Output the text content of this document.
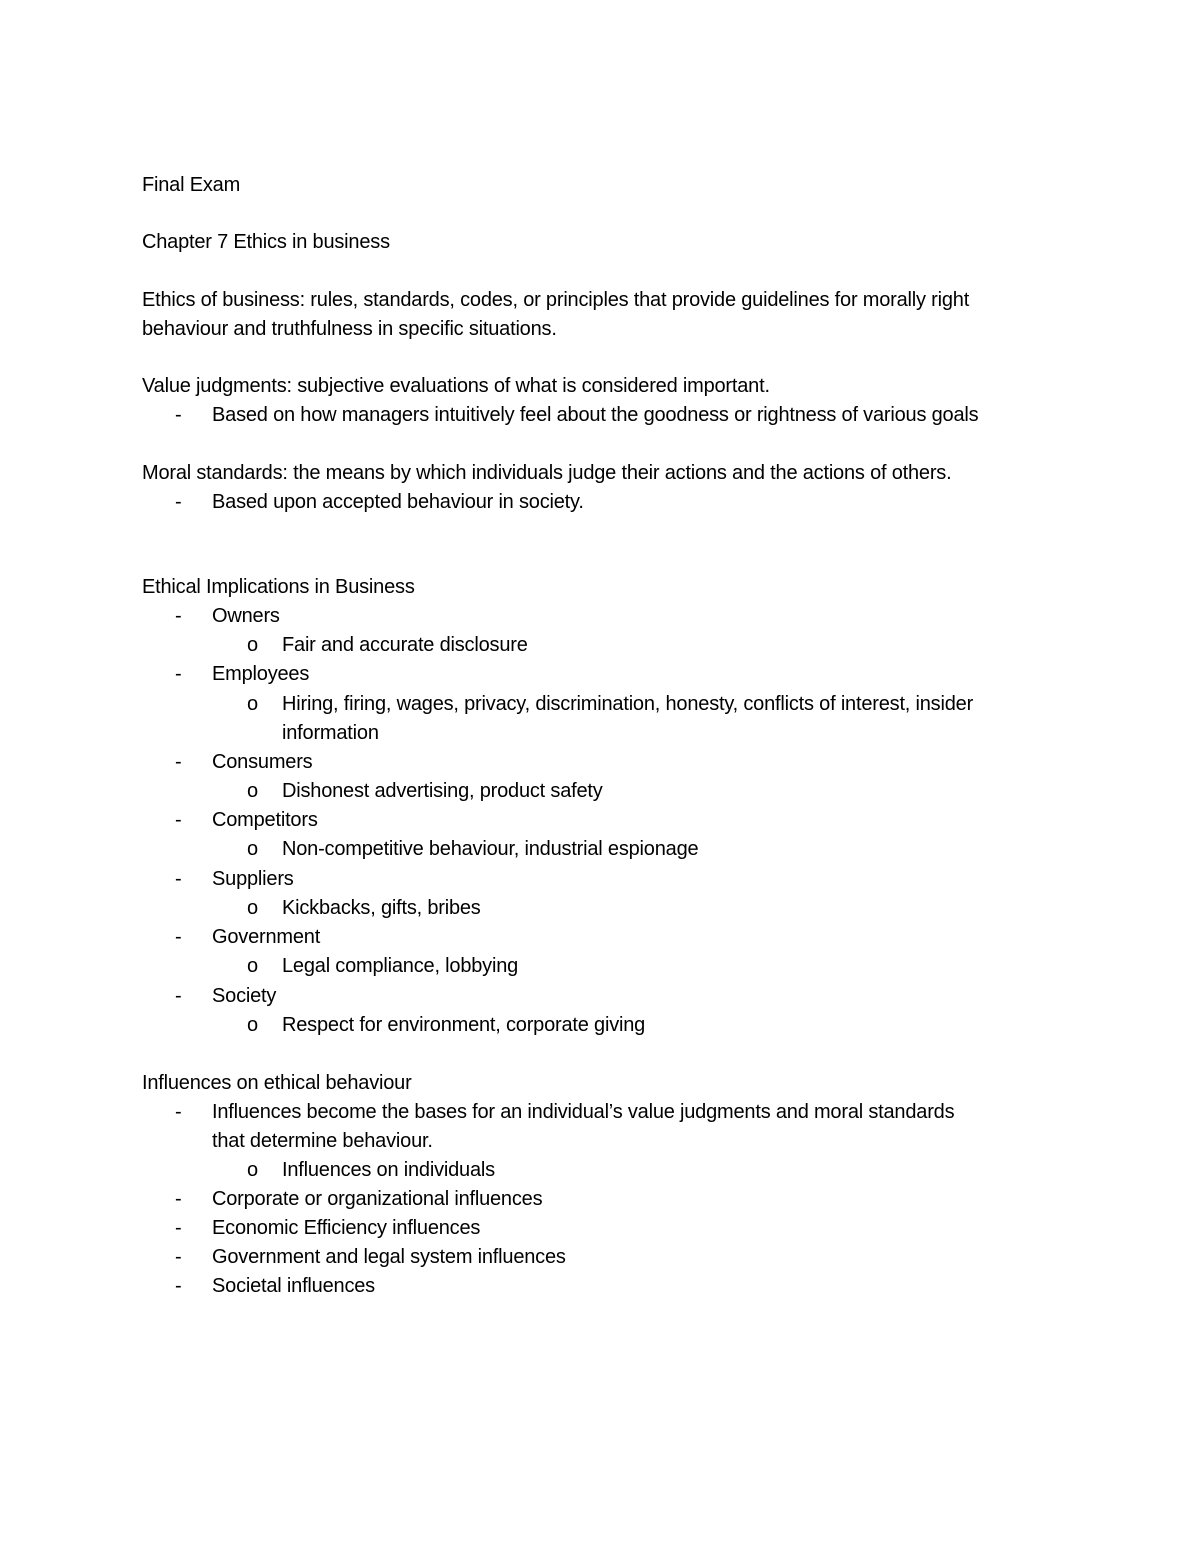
Final Exam
Chapter 7 Ethics in business
Ethics of business: rules, standards, codes, or principles that provide guidelines for morally right
behaviour and truthfulness in specific situations.
Value judgments: subjective evaluations of what is considered important.
- Based on how managers intuitively feel about the goodness or rightness of various goals
Moral standards: the means by which individuals judge their actions and the actions of others.
- Based upon accepted behaviour in society.
Ethical Implications in Business
- Owners
o Fair and accurate disclosure
- Employees
o Hiring, firing, wages, privacy, discrimination, honesty, conflicts of interest, insider
information
- Consumers
o Dishonest advertising, product safety
- Competitors
o Non-competitive behaviour, industrial espionage
- Suppliers
o Kickbacks, gifts, bribes
- Government
o Legal compliance, lobbying
- Society
o Respect for environment, corporate giving
Influences on ethical behaviour
- Influences become the bases for an individual’s value judgments and moral standards
that determine behaviour.
o Influences on individuals
- Corporate or organizational influences
- Economic Efficiency influences
- Government and legal system influences
- Societal influences
